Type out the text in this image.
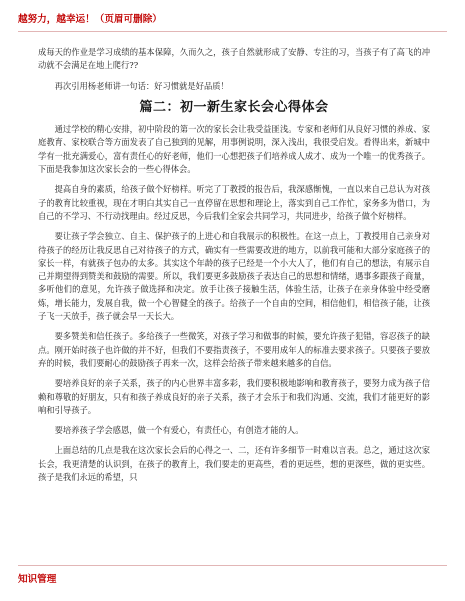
越努力，越幸运！（页眉可删除）

成每天的作业是学习成绩的基本保障，久而久之，孩子自然就形成了安静、专注的习，当孩子有了高飞的冲动就不会满足在地上爬行??

再次引用杨老师讲一句话：好习惯就是好品质！

篇二：初一新生家长会心得体会

通过学校的精心安排，初中阶段的第一次的家长会让我受益匪浅。专家和老师们从良好习惯的养成、家庭教育、家校联合等方面发表了自己独到的见解，用事例说明，深入浅出，我很受启发。看得出来，新城中学有一批充满爱心，富有责任心的好老师，他们一心想把孩子们培养成人成才、成为一个唯一的优秀孩子。下面是我参加这次家长会的一些心得体会。

提高自身的素质，给孩子做个好榜样。听完了丁教授的报告后，我深感惭愧，一直以来自己总认为对孩子的教育比较重视，现在才明白其实自己一直停留在思想和理论上，落实到自己工作忙，家务多为借口，为自己的不学习、不行动找理由。经过反思，今后我们全家会共同学习，共同进步，给孩子做个好榜样。

要让孩子学会独立、自主、保护孩子的上进心和自我展示的积极性。在这一点上，丁教授用自己亲身对待孩子的经历让我反思自己对待孩子的方式，确实有一些需要改进的地方，以前我可能和大部分家庭孩子的家长一样，有就孩子包办的太多。其实这个年龄的孩子已经是一个小大人了，他们有自己的想法，有展示自己并期望得到赞美和鼓励的需要。所以，我们要更多鼓励孩子表达自己的思想和情绪，遇事多跟孩子商量，多听他们的意见，允许孩子做选择和决定。放手让孩子接触生活，体验生活，让孩子在亲身体验中经受磨炼，增长能力，发展自我，做一个心智健全的孩子。给孩子一个自由的空间，相信他们，相信孩子能，让孩子飞一天放手，孩子就会早一天长大。

要多赞美和信任孩子。多给孩子一些微笑，对孩子学习和做事的时候，要允许孩子犯错，容忍孩子的缺点。刚开始时孩子也许做的并不好，但我们不要指责孩子，不要用成年人的标准去要求孩子。只要孩子要放弃的时候，我们要耐心的鼓励孩子再来一次，这样会给孩子带来越来越多的自信。

要培养良好的亲子关系，孩子的内心世界丰富多彩，我们要积极地影响和教育孩子，要努力成为孩子信赖和尊敬的好朋友，只有和孩子养成良好的亲子关系，孩子才会乐于和我们沟通、交流，我们才能更好的影响和引导孩子。

要培养孩子学会感恩，做一个有爱心，有责任心，有创造才能的人。

上面总结的几点是我在这次家长会后的心得之一、二，还有许多细节一时难以言表。总之，通过这次家长会，我更清楚的认识到，在孩子的教育上，我们要走的更高些，看的更远些，想的更深些，做的更实些。孩子是我们永远的希望，只

知识管理
